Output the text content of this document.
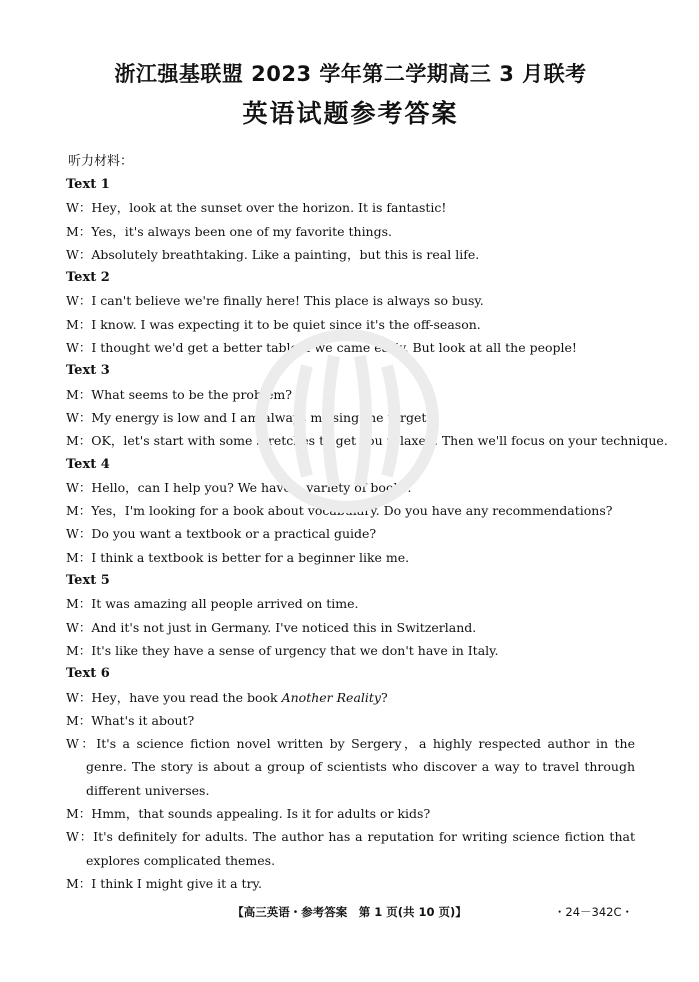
浙江强基联盟 2023 学年第二学期高三 3 月联考
英语试题参考答案
听力材料：
Text 1
W：Hey，look at the sunset over the horizon. It is fantastic!
M：Yes，it's always been one of my favorite things.
W：Absolutely breathtaking. Like a painting，but this is real life.
Text 2
W：I can't believe we're finally here! This place is always so busy.
M：I know. I was expecting it to be quiet since it's the off-season.
W：I thought we'd get a better table if we came early. But look at all the people!
Text 3
M：What seems to be the problem?
W：My energy is low and I am always missing the targets.
M：OK，let's start with some stretches to get you relaxed. Then we'll focus on your technique.
Text 4
W：Hello，can I help you? We have a variety of books.
M：Yes，I'm looking for a book about vocabulary. Do you have any recommendations?
W：Do you want a textbook or a practical guide?
M：I think a textbook is better for a beginner like me.
Text 5
M：It was amazing all people arrived on time.
W：And it's not just in Germany. I've noticed this in Switzerland.
M：It's like they have a sense of urgency that we don't have in Italy.
Text 6
W：Hey，have you read the book Another Reality?
M：What's it about?
W：It's a science fiction novel written by Sergery，a highly respected author in the genre. The story is about a group of scientists who discover a way to travel through different universes.
M：Hmm，that sounds appealing. Is it for adults or kids?
W：It's definitely for adults. The author has a reputation for writing science fiction that explores complicated themes.
M：I think I might give it a try.
【高三英语・参考答案　第 1 页(共 10 页)】	・24－342C・
